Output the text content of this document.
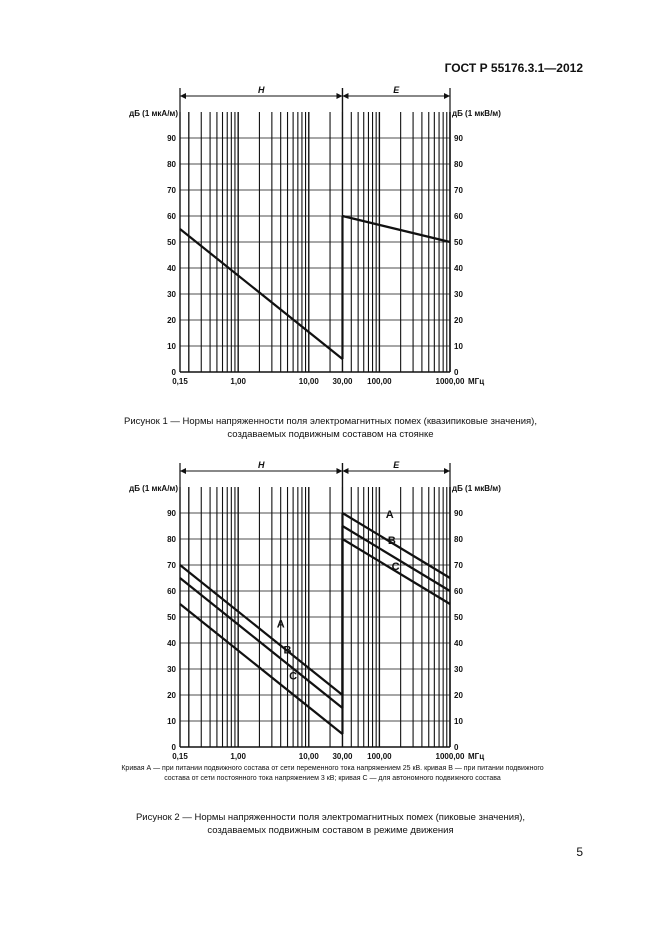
ГОСТ Р 55176.3.1—2012
H	E
дБ (1 мкА/м)	дБ (1 мкВ/м)
0	0
10	10
20	20
30	30
40	40
50	50
60	60
70	70
80	80
90	90
0,15	1,00	10,00 30,00 100,00	1000,00 МГц
Рисунок 1 — Нормы напряженности поля электромагнитных помех (квазипиковые значения),
создаваемых подвижным составом на стоянке
H	E
дБ (1 мкА/м)	дБ (1 мкВ/м)
0	0
10	10
20	20
30	30
40	40
50	50
60	60
70	70
80	80
90	90
0,15	1,00	10,00 30,00 100,00	1000,00 МГц
A
A
B
B
C
C
Кривая А — при питании подвижного состава от сети переменного тока напряжением 25 кВ. кривая В — при питании подвижного
состава от сети постоянного тока напряжением 3 кВ; кривая С — для автономного подвижного состава
Рисунок 2 — Нормы напряженности поля электромагнитных помех (пиковые значения),
создаваемых подвижным составом в режиме движения
5
